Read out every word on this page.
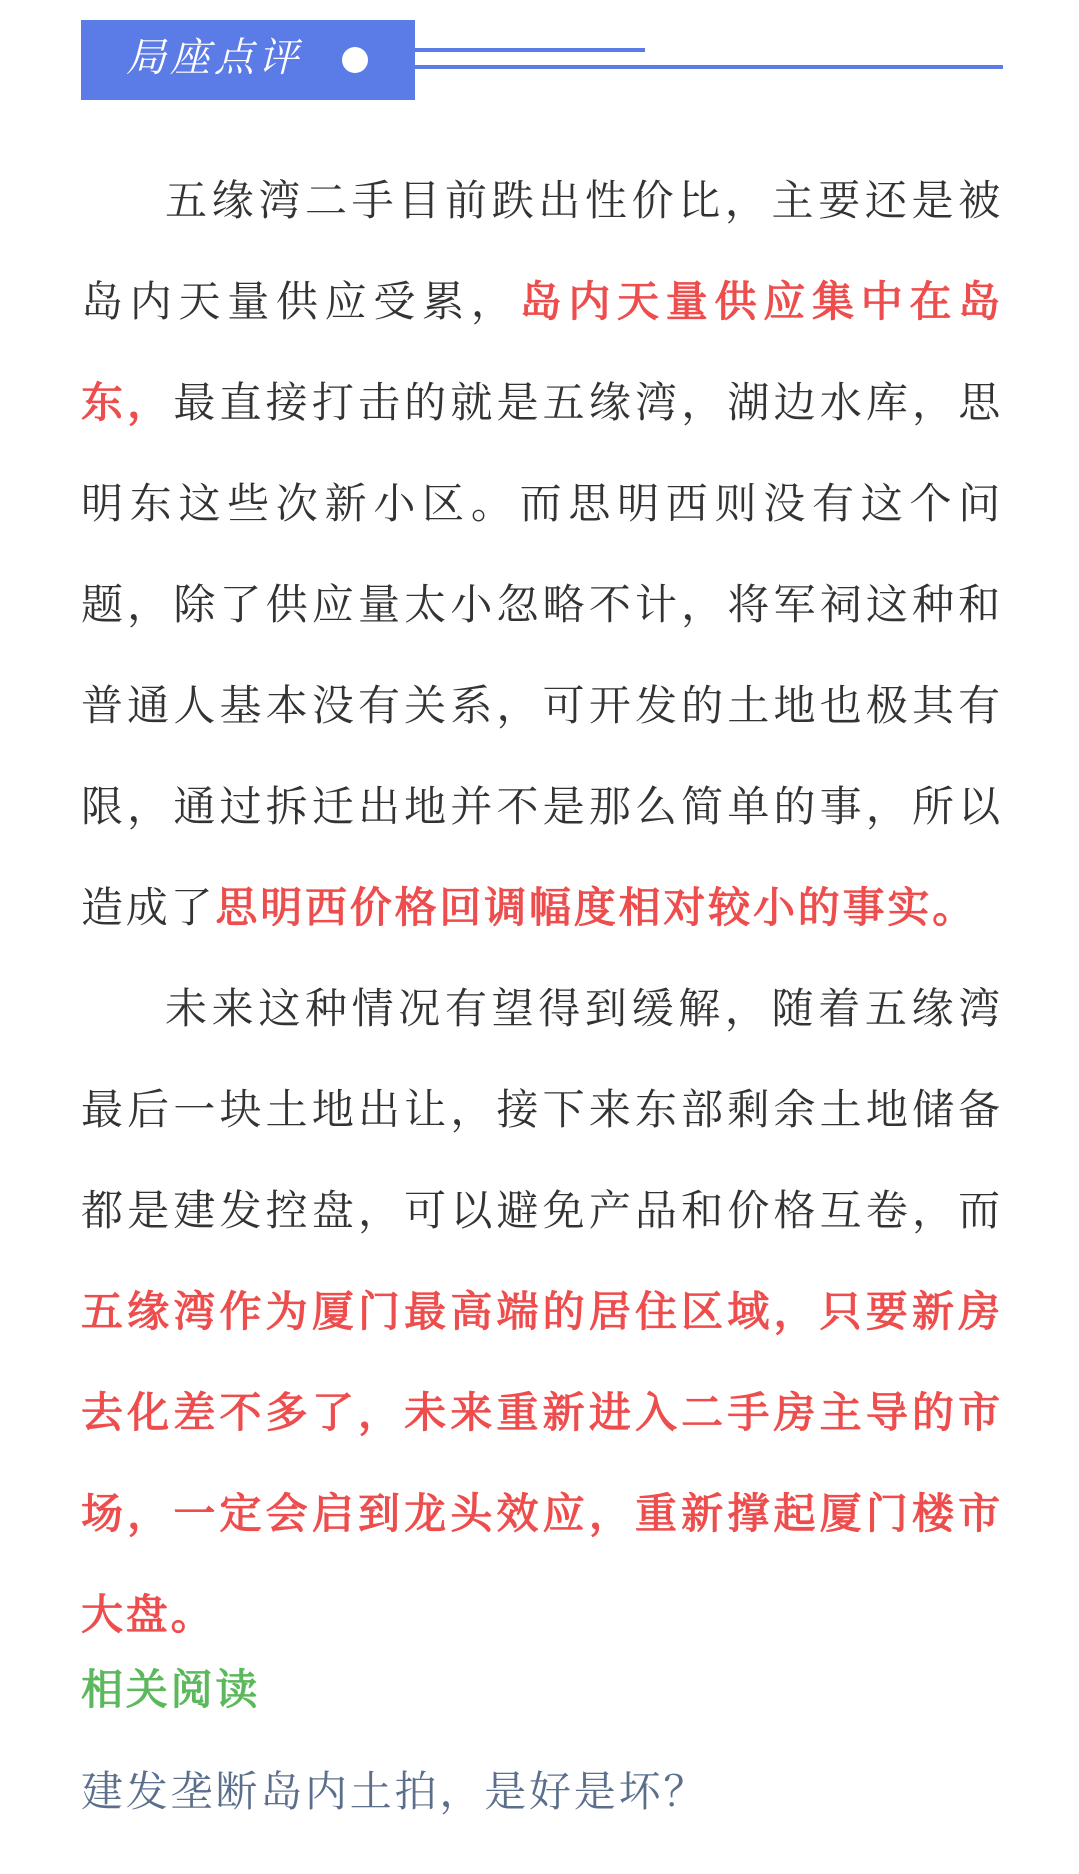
局座点评

五缘湾二手目前跌出性价比，主要还是被岛内天量供应受累，岛内天量供应集中在岛东，最直接打击的就是五缘湾，湖边水库，思明东这些次新小区。而思明西则没有这个问题，除了供应量太小忽略不计，将军祠这种和普通人基本没有关系，可开发的土地也极其有限，通过拆迁出地并不是那么简单的事，所以造成了思明西价格回调幅度相对较小的事实。

未来这种情况有望得到缓解，随着五缘湾最后一块土地出让，接下来东部剩余土地储备都是建发控盘，可以避免产品和价格互卷，而五缘湾作为厦门最高端的居住区域，只要新房去化差不多了，未来重新进入二手房主导的市场，一定会启到龙头效应，重新撑起厦门楼市大盘。

相关阅读
建发垄断岛内土拍，是好是坏？
